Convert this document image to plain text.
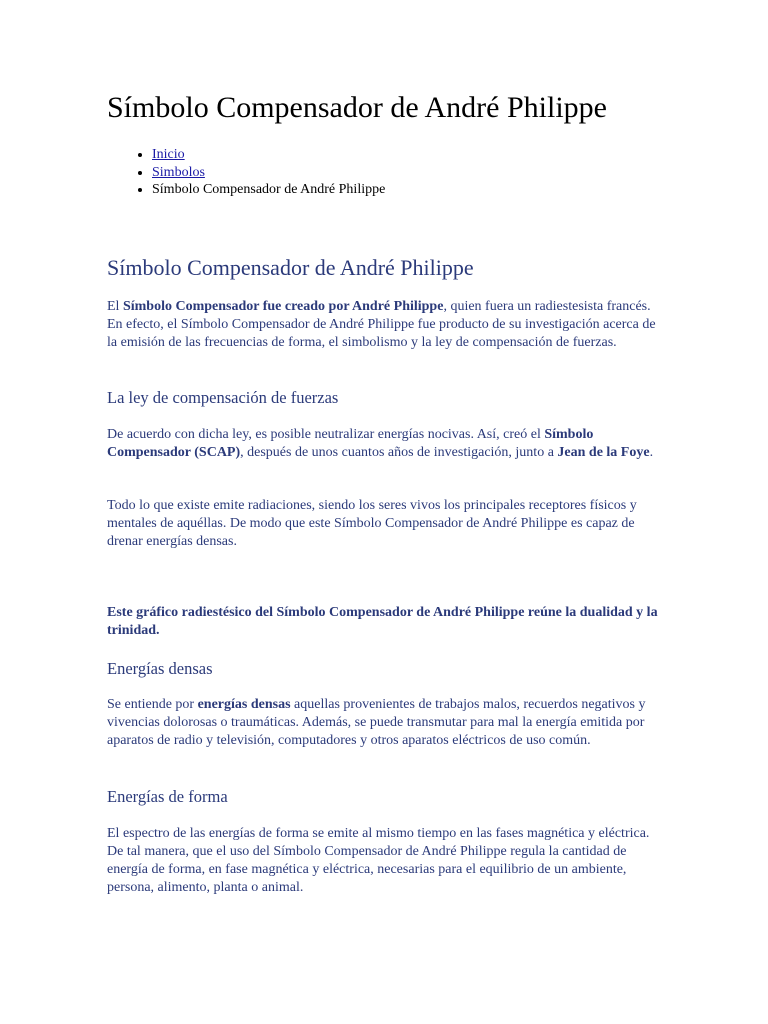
Símbolo Compensador de André Philippe
• Inicio
• Simbolos
• Símbolo Compensador de André Philippe
Símbolo Compensador de André Philippe

El Símbolo Compensador fue creado por André Philippe, quien fuera un radiestesista francés. En efecto, el Símbolo Compensador de André Philippe fue producto de su investigación acerca de la emisión de las frecuencias de forma, el simbolismo y la ley de compensación de fuerzas.

La ley de compensación de fuerzas

De acuerdo con dicha ley, es posible neutralizar energías nocivas. Así, creó el Símbolo Compensador (SCAP), después de unos cuantos años de investigación, junto a Jean de la Foye.

Todo lo que existe emite radiaciones, siendo los seres vivos los principales receptores físicos y mentales de aquéllas. De modo que este Símbolo Compensador de André Philippe es capaz de drenar energías densas.

Este gráfico radiestésico del Símbolo Compensador de André Philippe reúne la dualidad y la trinidad.

Energías densas

Se entiende por energías densas aquellas provenientes de trabajos malos, recuerdos negativos y vivencias dolorosas o traumáticas. Además, se puede transmutar para mal la energía emitida por aparatos de radio y televisión, computadores y otros aparatos eléctricos de uso común.

Energías de forma

El espectro de las energías de forma se emite al mismo tiempo en las fases magnética y eléctrica. De tal manera, que el uso del Símbolo Compensador de André Philippe regula la cantidad de energía de forma, en fase magnética y eléctrica, necesarias para el equilibrio de un ambiente, persona, alimento, planta o animal.
